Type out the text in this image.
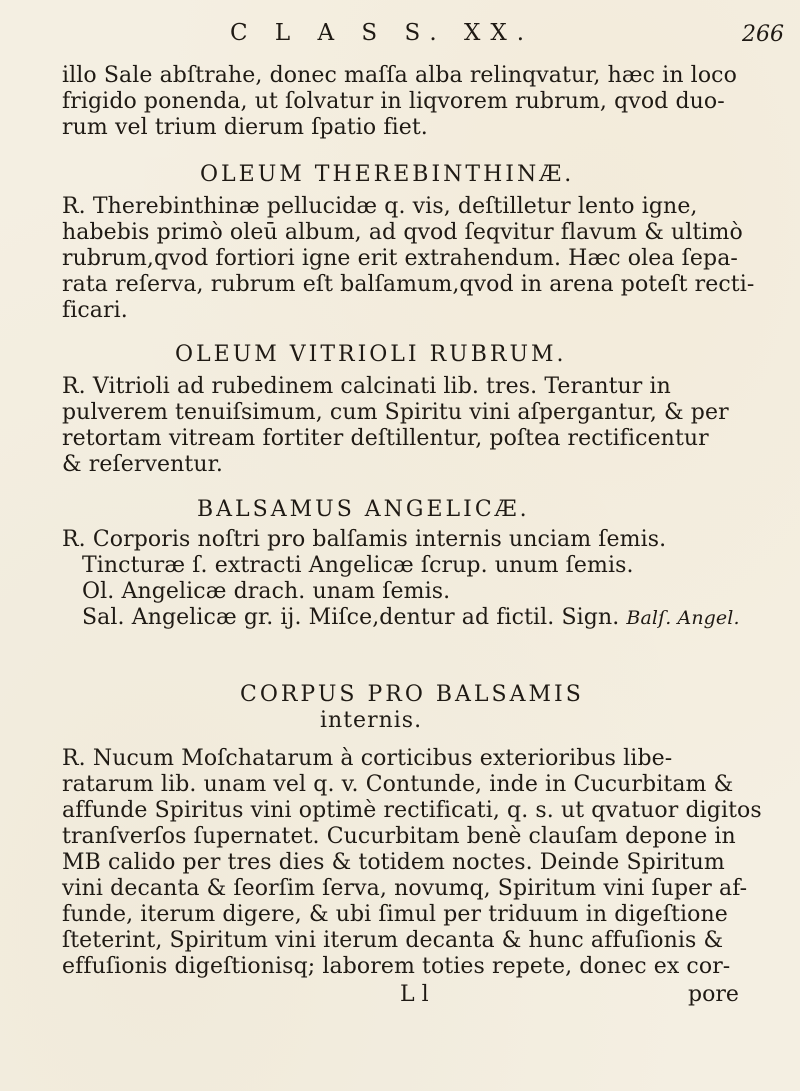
C L A S S. XX.	266
illo Sale abſtrahe, donec maſſa alba relinqvatur, hæc in loco
frigido ponenda, ut ſolvatur in liqvorem rubrum, qvod duo-
rum vel trium dierum ſpatio fiet.
OLEUM THEREBINTHINÆ.
R. Therebinthinæ pellucidæ q. vis, deſtilletur lento igne,
habebis primò oleū album, ad qvod ſeqvitur flavum & ultimò
rubrum,qvod fortiori igne erit extrahendum. Hæc olea ſepa-
rata reſerva, rubrum eſt balſamum,qvod in arena poteſt recti-
ficari.
OLEUM VITRIOLI RUBRUM.
R. Vitrioli ad rubedinem calcinati lib. tres. Terantur in
pulverem tenuiſsimum, cum Spiritu vini aſpergantur, & per
retortam vitream fortiter deſtillentur, poſtea rectificentur
& reſerventur.
BALSAMUS ANGELICÆ.
R. Corporis noſtri pro balſamis internis unciam ſemis.
Tincturæ ſ. extracti Angelicæ ſcrup. unum ſemis.
Ol. Angelicæ drach. unam ſemis.
Sal. Angelicæ gr. ij. Miſce,dentur ad fictil. Sign. Balſ. Angel.
CORPUS PRO BALSAMIS
internis.
R. Nucum Moſchatarum à corticibus exterioribus libe-
ratarum lib. unam vel q. v. Contunde, inde in Cucurbitam &
affunde Spiritus vini optimè rectificati, q. s. ut qvatuor digitos
tranſverſos ſupernatet. Cucurbitam benè clauſam depone in
MB calido per tres dies & totidem noctes. Deinde Spiritum
vini decanta & ſeorſim ſerva, novumq, Spiritum vini ſuper af-
funde, iterum digere, & ubi ſimul per triduum in digeſtione
ſteterint, Spiritum vini iterum decanta & hunc affuſionis &
effuſionis digeſtionisq; laborem toties repete, donec ex cor-
L l	pore
